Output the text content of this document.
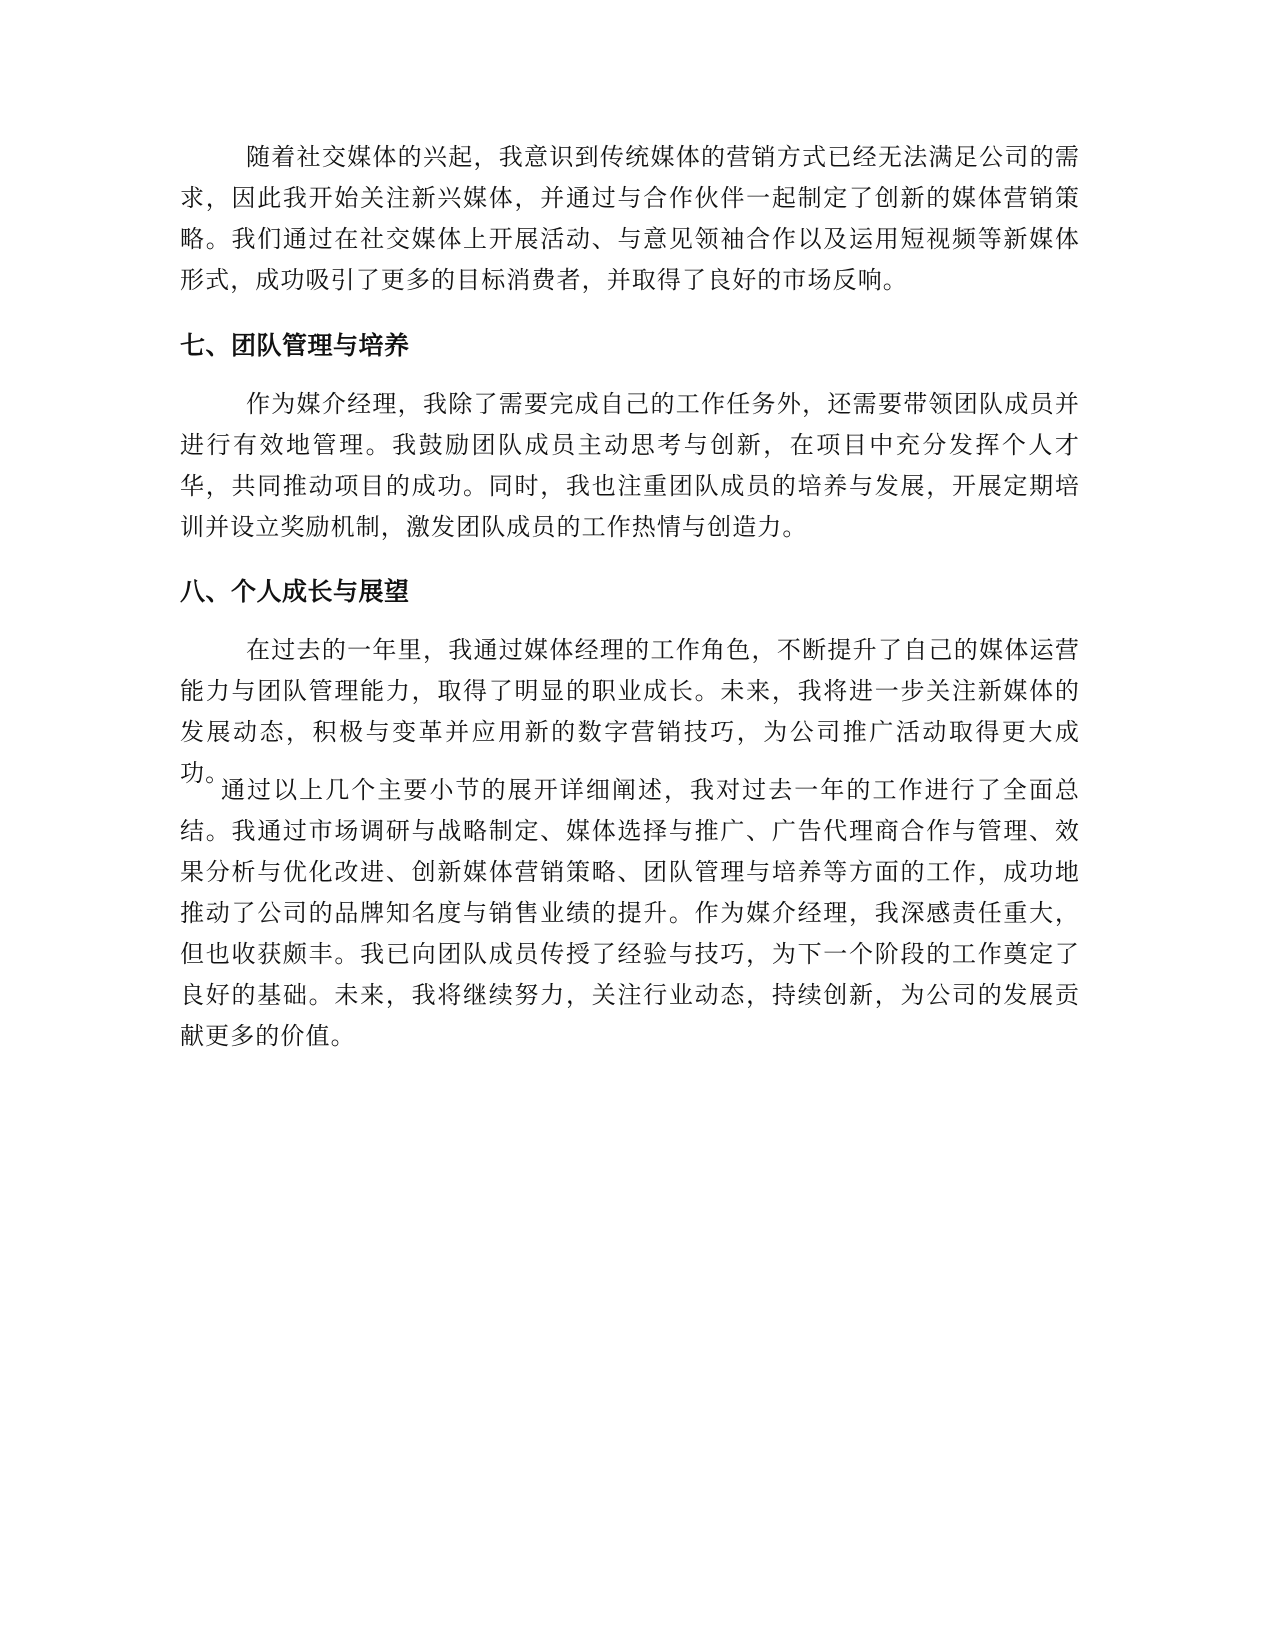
随着社交媒体的兴起，我意识到传统媒体的营销方式已经无法满足公司的需求，因此我开始关注新兴媒体，并通过与合作伙伴一起制定了创新的媒体营销策略。我们通过在社交媒体上开展活动、与意见领袖合作以及运用短视频等新媒体形式，成功吸引了更多的目标消费者，并取得了良好的市场反响。

七、团队管理与培养

作为媒介经理，我除了需要完成自己的工作任务外，还需要带领团队成员并进行有效地管理。我鼓励团队成员主动思考与创新，在项目中充分发挥个人才华，共同推动项目的成功。同时，我也注重团队成员的培养与发展，开展定期培训并设立奖励机制，激发团队成员的工作热情与创造力。

八、个人成长与展望

在过去的一年里，我通过媒体经理的工作角色，不断提升了自己的媒体运营能力与团队管理能力，取得了明显的职业成长。未来，我将进一步关注新媒体的发展动态，积极与变革并应用新的数字营销技巧，为公司推广活动取得更大成功。

通过以上几个主要小节的展开详细阐述，我对过去一年的工作进行了全面总结。我通过市场调研与战略制定、媒体选择与推广、广告代理商合作与管理、效果分析与优化改进、创新媒体营销策略、团队管理与培养等方面的工作，成功地推动了公司的品牌知名度与销售业绩的提升。作为媒介经理，我深感责任重大，但也收获颇丰。我已向团队成员传授了经验与技巧，为下一个阶段的工作奠定了良好的基础。未来，我将继续努力，关注行业动态，持续创新，为公司的发展贡献更多的价值。
